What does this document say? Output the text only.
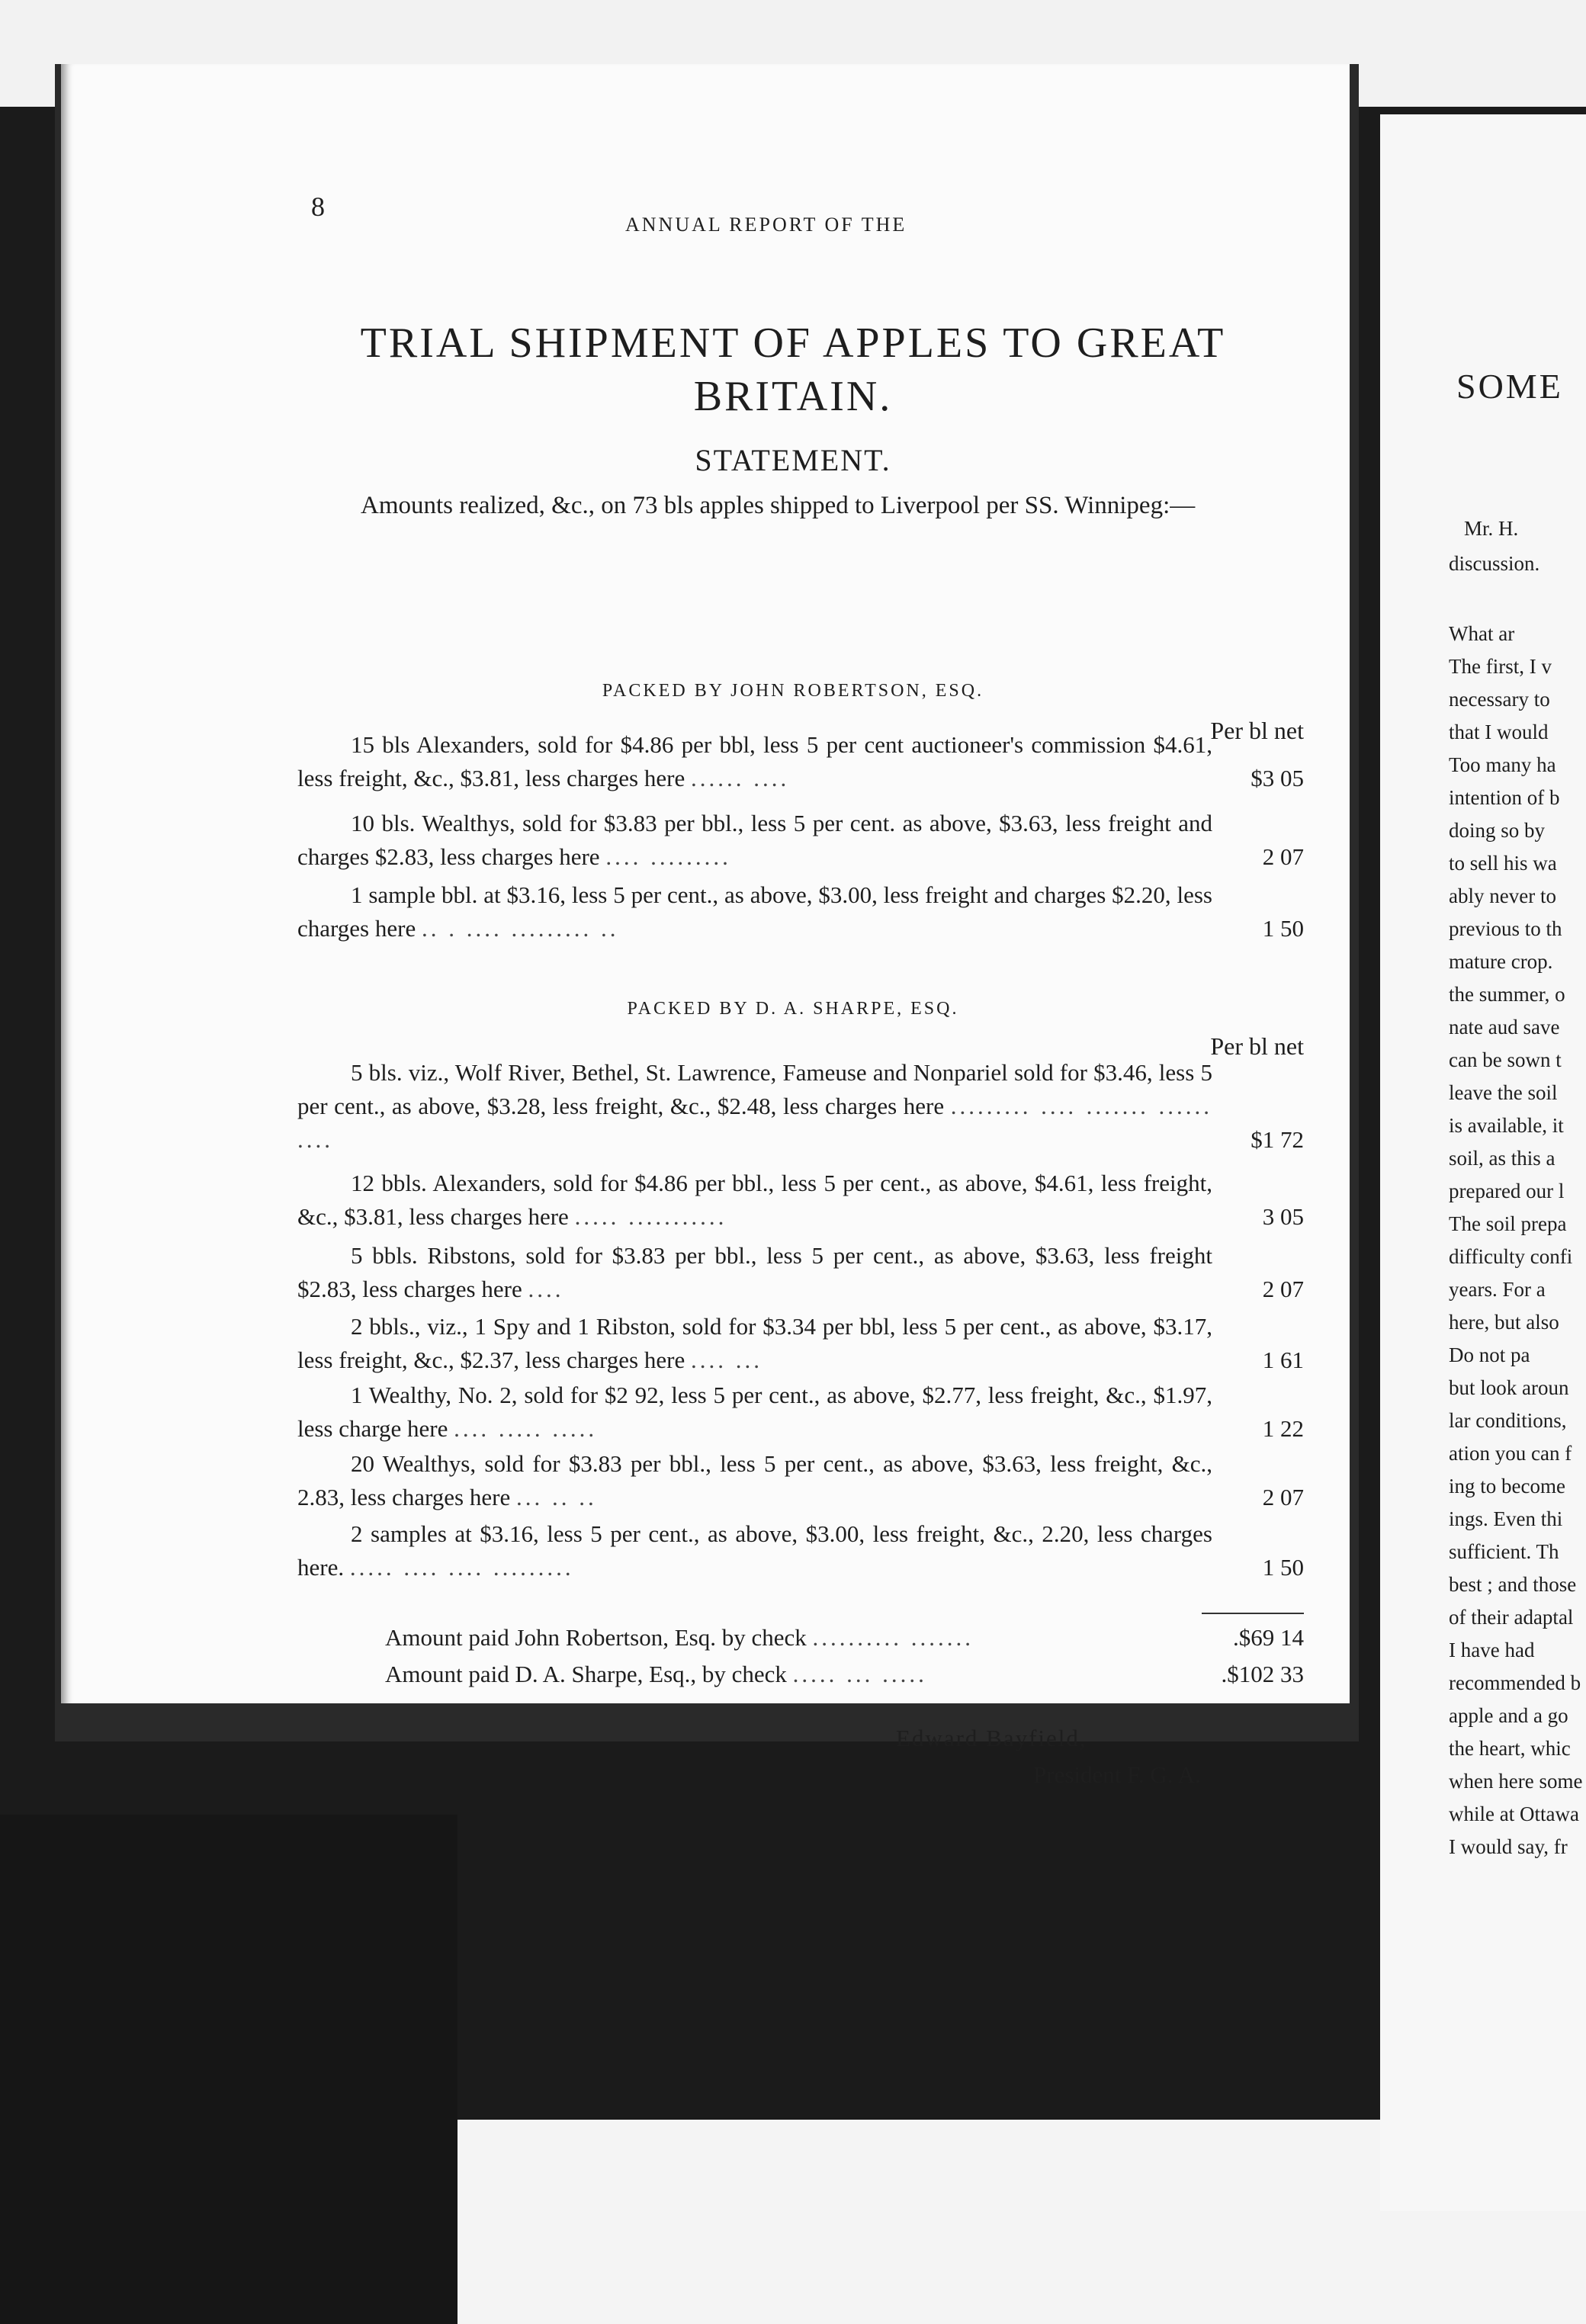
SOME
Mr. H.
discussion.
What ar
The first, I v
necessary to
that I would
Too many ha
intention of b
doing so by
to sell his wa
ably never to
previous to th
mature crop.
the summer, o
nate aud save
can be sown t
leave the soil
is available, it
soil, as this a
prepared our l
The soil prepa
difficulty confi
years. For a
here, but also
Do not pa
but look aroun
lar conditions,
ation you can f
ing to become
ings. Even thi
sufficient. Th
best ; and those
of their adaptal
I have had
recommended b
apple and a go
the heart, whic
when here some
while at Ottawa
I would say, fr
8
ANNUAL REPORT OF THE
TRIAL SHIPMENT OF APPLES TO GREAT BRITAIN.
STATEMENT.
Amounts realized, &c., on 73 bls apples shipped to Liverpool per SS. Winnipeg:—
PACKED BY JOHN ROBERTSON, ESQ.
Per bl net
15 bls Alexanders, sold for $4.86 per bbl, less 5 per cent auctioneer's commission $4.61, less freight, &c., $3.81, less charges here ...... ....	$3 05
10 bls. Wealthys, sold for $3.83 per bbl., less 5 per cent. as above, $3.63, less freight and charges $2.83, less charges here .... .........	2 07
1 sample bbl. at $3.16, less 5 per cent., as above, $3.00, less freight and charges $2.20, less charges here .. . .... ......... ..	1 50
PACKED BY D. A. SHARPE, ESQ.
Per bl net
5 bls. viz., Wolf River, Bethel, St. Lawrence, Fameuse and Nonpariel sold for $3.46, less 5 per cent., as above, $3.28, less freight, &c., $2.48, less charges here ......... .... ....... ...... ....	$1 72
12 bbls. Alexanders, sold for $4.86 per bbl., less 5 per cent., as above, $4.61, less freight, &c., $3.81, less charges here ..... ...........	3 05
5 bbls. Ribstons, sold for $3.83 per bbl., less 5 per cent., as above, $3.63, less freight $2.83, less charges here ....	2 07
2 bbls., viz., 1 Spy and 1 Ribston, sold for $3.34 per bbl, less 5 per cent., as above, $3.17, less freight, &c., $2.37, less charges here .... ...	1 61
1 Wealthy, No. 2, sold for $2 92, less 5 per cent., as above, $2.77, less freight, &c., $1.97, less charge here .... ..... .....	1 22
20 Wealthys, sold for $3.83 per bbl., less 5 per cent., as above, $3.63, less freight, &c., 2.83, less charges here ... .. ..	2 07
2 samples at $3.16, less 5 per cent., as above, $3.00, less freight, &c., 2.20, less charges here. ..... .... .... .........	1 50
Amount paid John Robertson, Esq. by check .......... .......	.$69 14
Amount paid D. A. Sharpe, Esq., by check ..... ... .....	.$102 33
Edward Bayfield,
President F. G. A.
